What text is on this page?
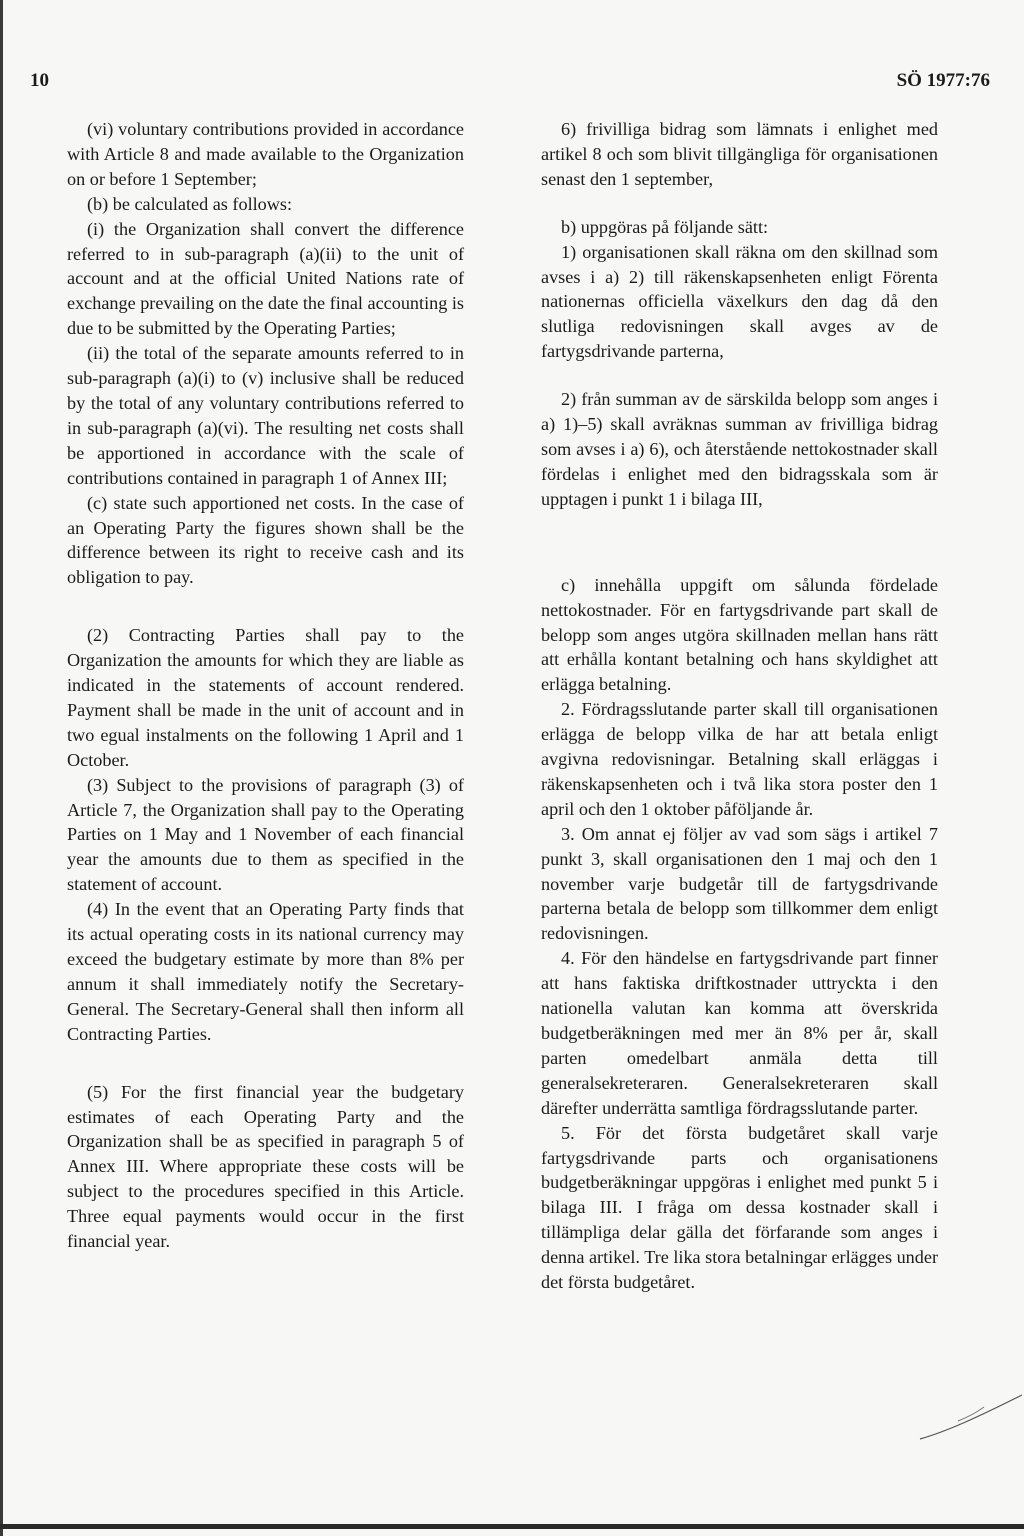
10	SÖ 1977:76

(vi) voluntary contributions provided in accordance with Article 8 and made available to the Organization on or before 1 September;

(b) be calculated as follows:

(i) the Organization shall convert the difference referred to in sub-paragraph (a)(ii) to the unit of account and at the official United Nations rate of exchange prevailing on the date the final accounting is due to be submitted by the Operating Parties;

(ii) the total of the separate amounts referred to in sub-paragraph (a)(i) to (v) inclusive shall be reduced by the total of any voluntary contributions referred to in sub-paragraph (a)(vi). The resulting net costs shall be apportioned in accordance with the scale of contributions contained in paragraph 1 of Annex III;

(c) state such apportioned net costs. In the case of an Operating Party the figures shown shall be the difference between its right to receive cash and its obligation to pay.

(2) Contracting Parties shall pay to the Organization the amounts for which they are liable as indicated in the statements of account rendered. Payment shall be made in the unit of account and in two egual instalments on the following 1 April and 1 October.

(3) Subject to the provisions of paragraph (3) of Article 7, the Organization shall pay to the Operating Parties on 1 May and 1 November of each financial year the amounts due to them as specified in the statement of account.

(4) In the event that an Operating Party finds that its actual operating costs in its national currency may exceed the budgetary estimate by more than 8% per annum it shall immediately notify the Secretary-General. The Secretary-General shall then inform all Contracting Parties.

(5) For the first financial year the budgetary estimates of each Operating Party and the Organization shall be as specified in paragraph 5 of Annex III. Where appropriate these costs will be subject to the procedures specified in this Article. Three equal payments would occur in the first financial year.

6) frivilliga bidrag som lämnats i enlighet med artikel 8 och som blivit tillgängliga för organisationen senast den 1 september,

b) uppgöras på följande sätt:

1) organisationen skall räkna om den skillnad som avses i a) 2) till räkenskapsenheten enligt Förenta nationernas officiella växelkurs den dag då den slutliga redovisningen skall avges av de fartygsdrivande parterna,

2) från summan av de särskilda belopp som anges i a) 1)–5) skall avräknas summan av frivilliga bidrag som avses i a) 6), och återstående nettokostnader skall fördelas i enlighet med den bidragsskala som är upptagen i punkt 1 i bilaga III,

c) innehålla uppgift om sålunda fördelade nettokostnader. För en fartygsdrivande part skall de belopp som anges utgöra skillnaden mellan hans rätt att erhålla kontant betalning och hans skyldighet att erlägga betalning.

2. Fördragsslutande parter skall till organisationen erlägga de belopp vilka de har att betala enligt avgivna redovisningar. Betalning skall erläggas i räkenskapsenheten och i två lika stora poster den 1 april och den 1 oktober påföljande år.

3. Om annat ej följer av vad som sägs i artikel 7 punkt 3, skall organisationen den 1 maj och den 1 november varje budgetår till de fartygsdrivande parterna betala de belopp som tillkommer dem enligt redovisningen.

4. För den händelse en fartygsdrivande part finner att hans faktiska driftkostnader uttryckta i den nationella valutan kan komma att överskrida budgetberäkningen med mer än 8% per år, skall parten omedelbart anmäla detta till generalsekreteraren. Generalsekreteraren skall därefter underrätta samtliga fördragsslutande parter.

5. För det första budgetåret skall varje fartygsdrivande parts och organisationens budgetberäkningar uppgöras i enlighet med punkt 5 i bilaga III. I fråga om dessa kostnader skall i tillämpliga delar gälla det förfarande som anges i denna artikel. Tre lika stora betalningar erlägges under det första budgetåret.
